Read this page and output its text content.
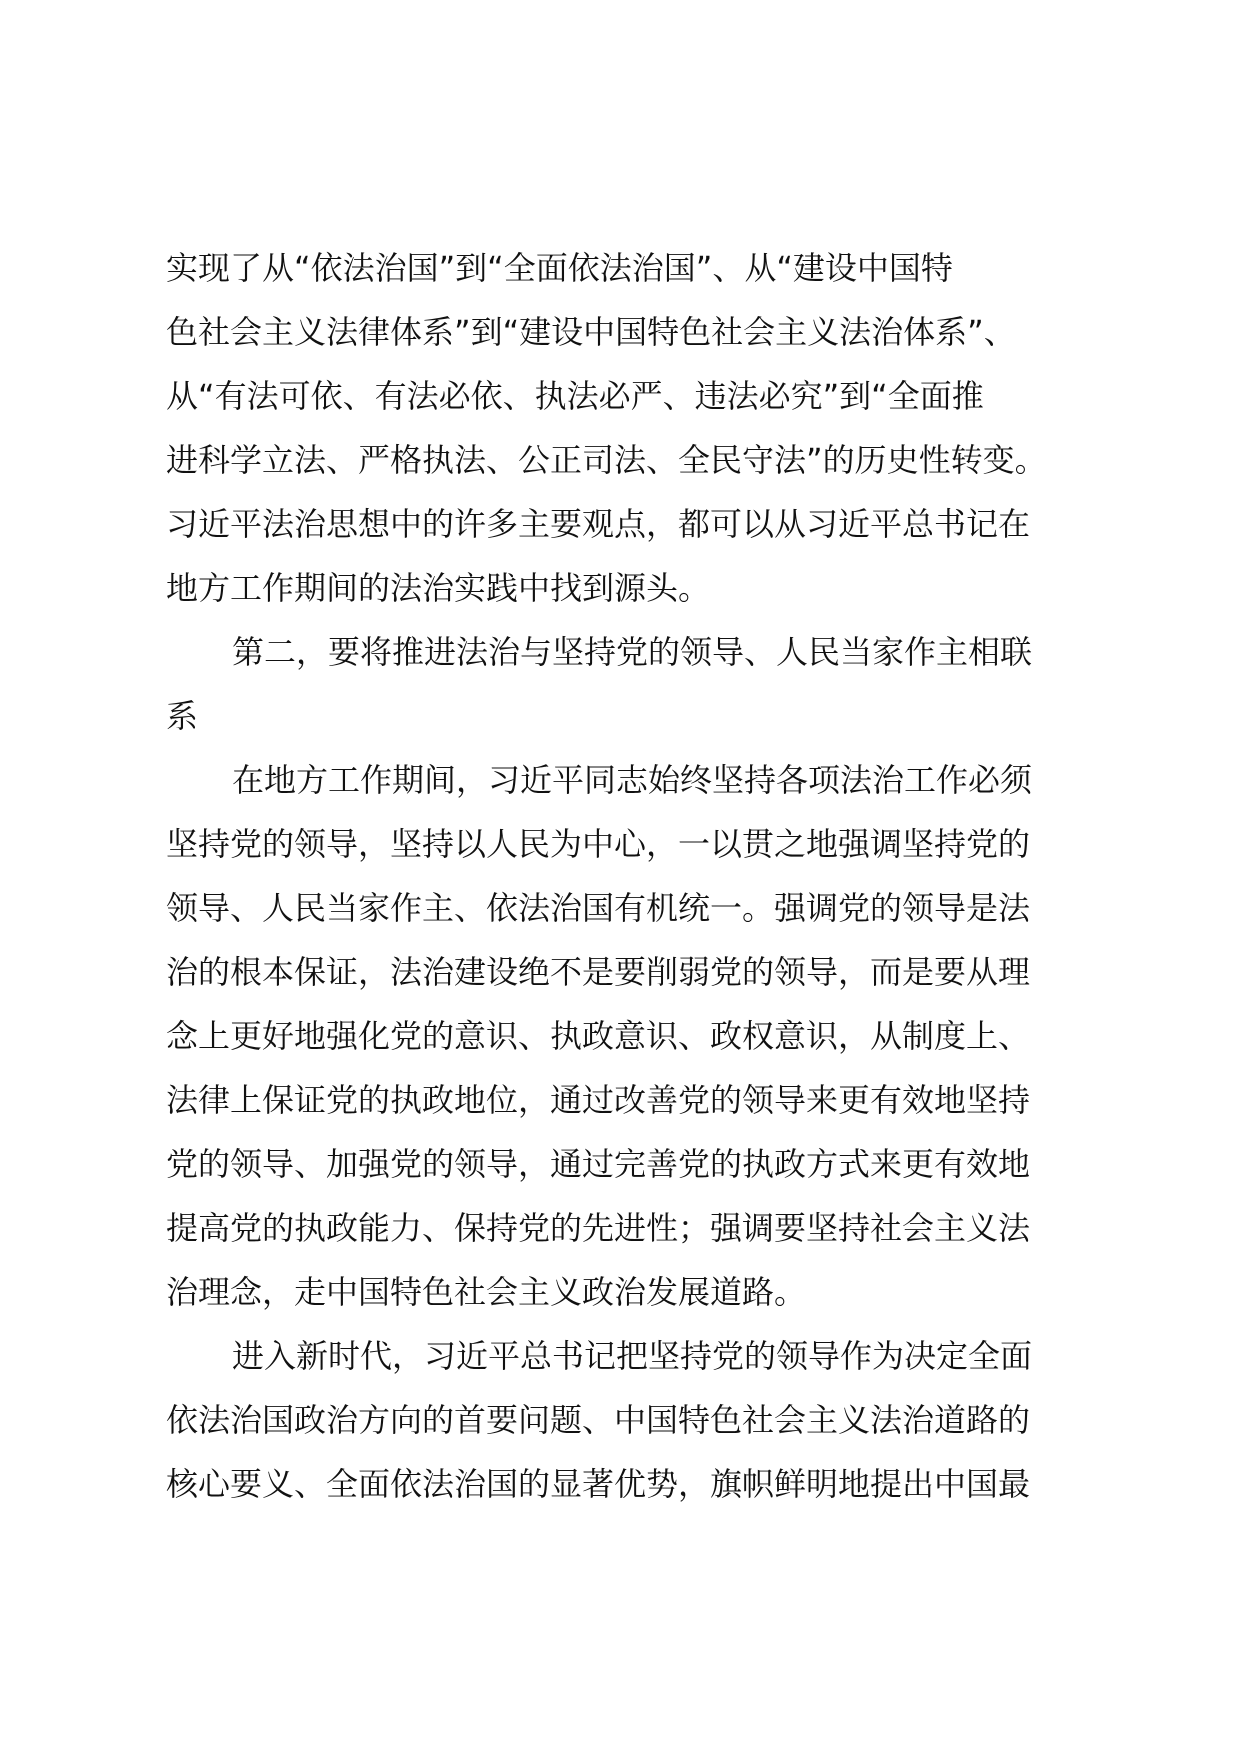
实现了从“依法治国”到“全面依法治国”、从“建设中国特
色社会主义法律体系”到“建设中国特色社会主义法治体系”、
从“有法可依、有法必依、执法必严、违法必究”到“全面推
进科学立法、严格执法、公正司法、全民守法”的历史性转变。
习近平法治思想中的许多主要观点，都可以从习近平总书记在
地方工作期间的法治实践中找到源头。
第二，要将推进法治与坚持党的领导、人民当家作主相联
系
在地方工作期间，习近平同志始终坚持各项法治工作必须
坚持党的领导，坚持以人民为中心，一以贯之地强调坚持党的
领导、人民当家作主、依法治国有机统一。强调党的领导是法
治的根本保证，法治建设绝不是要削弱党的领导，而是要从理
念上更好地强化党的意识、执政意识、政权意识，从制度上、
法律上保证党的执政地位，通过改善党的领导来更有效地坚持
党的领导、加强党的领导，通过完善党的执政方式来更有效地
提高党的执政能力、保持党的先进性；强调要坚持社会主义法
治理念，走中国特色社会主义政治发展道路。
进入新时代，习近平总书记把坚持党的领导作为决定全面
依法治国政治方向的首要问题、中国特色社会主义法治道路的
核心要义、全面依法治国的显著优势，旗帜鲜明地提出中国最
